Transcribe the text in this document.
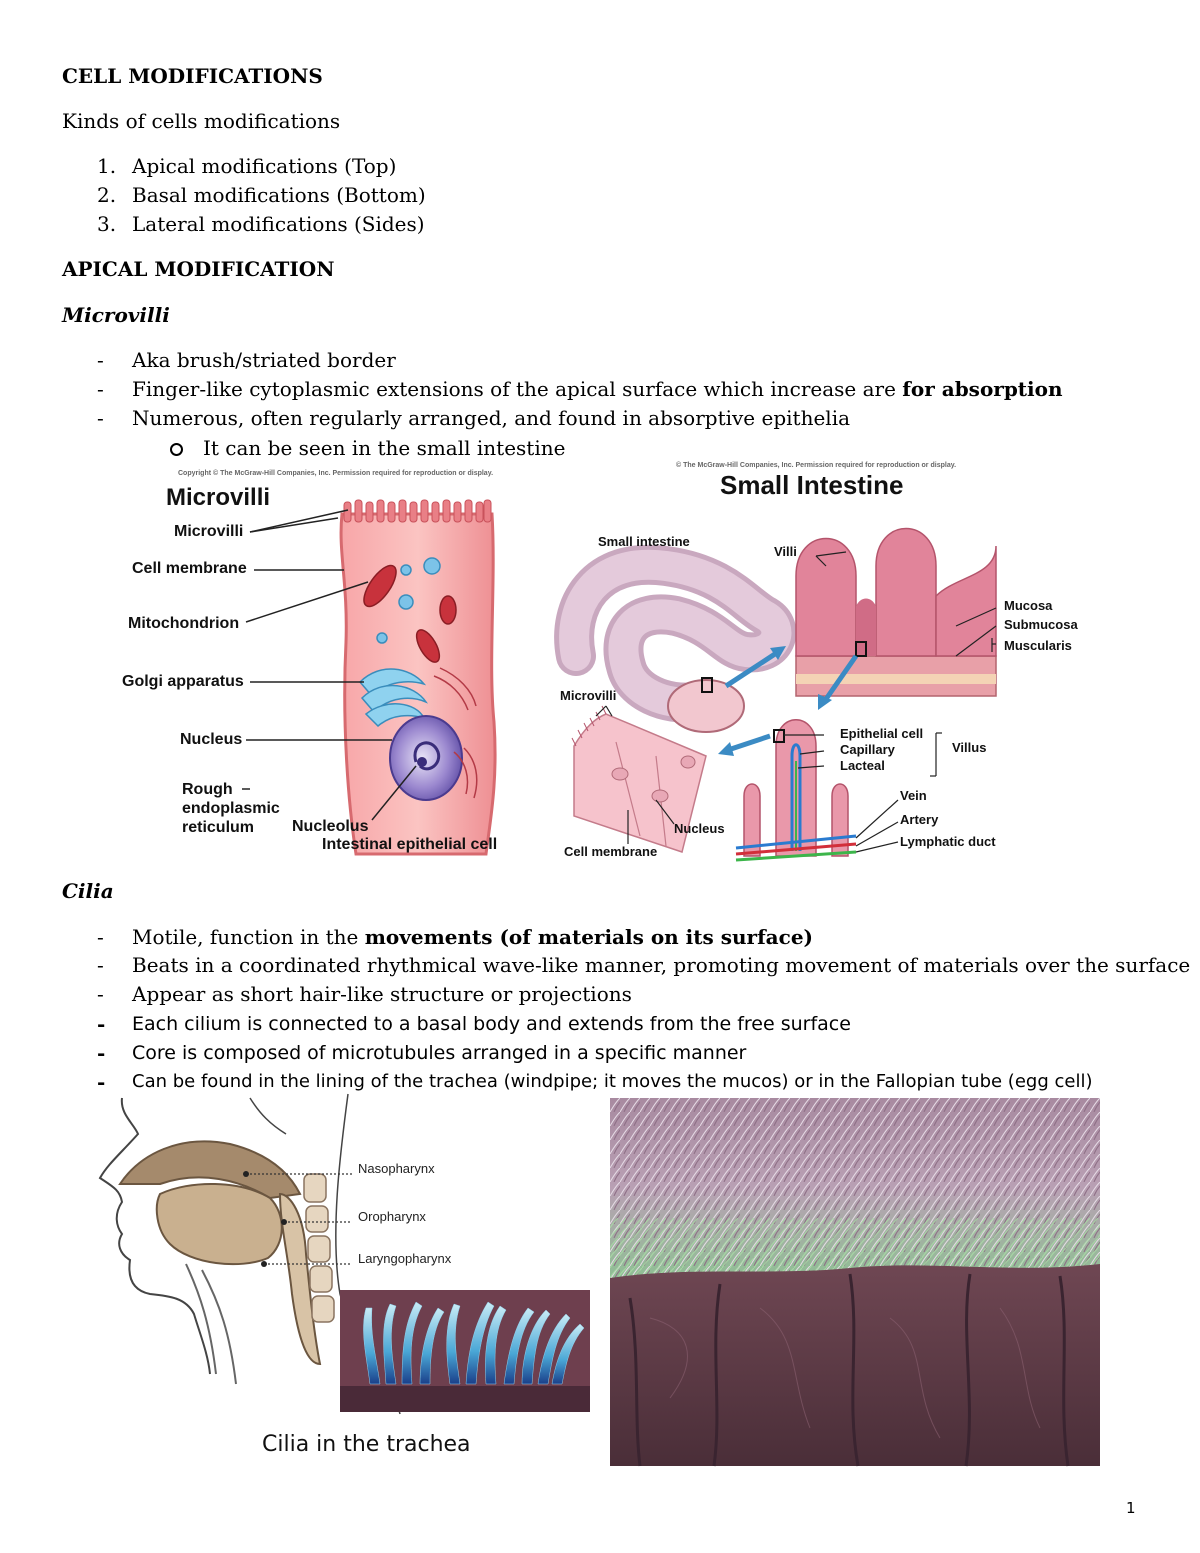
CELL MODIFICATIONS
Kinds of cells modifications
1. Apical modifications (Top)
2. Basal modifications (Bottom)
3. Lateral modifications (Sides)
APICAL MODIFICATION
Microvilli
- Aka brush/striated border
- Finger-like cytoplasmic extensions of the apical surface which increase are for absorption
- Numerous, often regularly arranged, and found in absorptive epithelia
It can be seen in the small intestine
Copyright © The McGraw-Hill Companies, Inc. Permission required for reproduction or display.
Microvilli
Microvilli
Cell membrane
Mitochondrion
Golgi apparatus
Nucleus
Rough
endoplasmic
reticulum	Nucleolus
Intestinal epithelial cell
© The McGraw-Hill Companies, Inc. Permission required for reproduction or display.
Small Intestine
Small intestine
Villi
Mucosa
Submucosa
Muscularis
Microvilli
Epithelial cell
Capillary
Lacteal
Villus
Vein
Artery
Lymphatic duct
Nucleus
Cell membrane
Cilia
- Motile, function in the movements (of materials on its surface)
- Beats in a coordinated rhythmical wave-like manner, promoting movement of materials over the surface
- Appear as short hair-like structure or projections
- Each cilium is connected to a basal body and extends from the free surface
- Core is composed of microtubules arranged in a specific manner
- Can be found in the lining of the trachea (windpipe; it moves the mucos) or in the Fallopian tube (egg cell)
Nasopharynx
Oropharynx
Laryngopharynx
Cilia in the trachea
1
